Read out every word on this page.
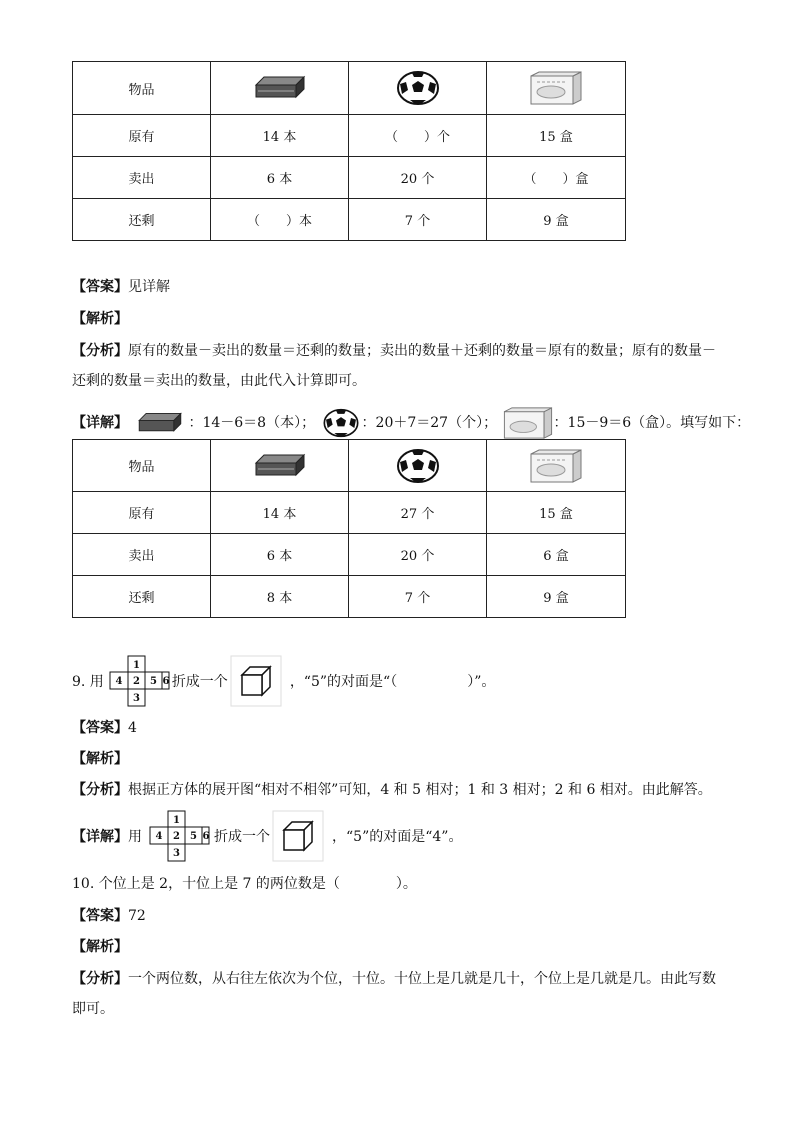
物品			
原有	14 本	（　　）个	15 盒
卖出	6 本	20 个	（　　）盒
还剩	（　　）本	7 个	9 盒
【答案】见详解
【解析】
【分析】原有的数量－卖出的数量＝还剩的数量；卖出的数量＋还剩的数量＝原有的数量；原有的数量－
还剩的数量＝卖出的数量，由此代入计算即可。
【详解】	：14－6＝8（本）；	：20＋7＝27（个）；	：15－9＝6（盒）。填写如下：
物品			
原有	14 本	27 个	15 盒
卖出	6 本	20 个	6 盒
还剩	8 本	7 个	9 盒
9. 用
1
4 2 5 6
3
折成一个	，“5”的对面是“（　　　　　）”。
【答案】4
【解析】
【分析】根据正方体的展开图“相对不相邻”可知，4 和 5 相对；1 和 3 相对；2 和 6 相对。由此解答。
【详解】 用
1
4 2 5 6
3
折成一个	，“5”的对面是“4”。
10. 个位上是 2，十位上是 7 的两位数是（　　　　）。
【答案】72
【解析】
【分析】一个两位数，从右往左依次为个位，十位。十位上是几就是几十，个位上是几就是几。由此写数
即可。
